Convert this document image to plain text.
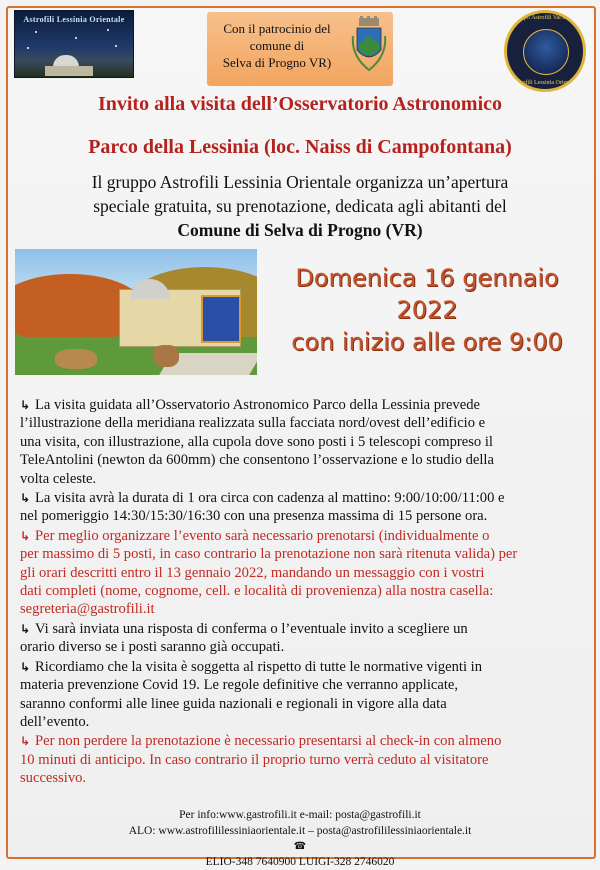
Astrofili Lessinia Orientale
Con il patrocinio del
comune di
Selva di Progno VR)
Gruppo Astrofili Val d'Illasi
Astrofili Lessinia Orientale
Invito alla visita dell’Osservatorio Astronomico
Parco della Lessinia (loc. Naiss di Campofontana)
Il gruppo Astrofili Lessinia Orientale organizza un’apertura
speciale gratuita, su prenotazione, dedicata agli abitanti del
Comune di Selva di Progno (VR)
Domenica 16 gennaio 2022
con inizio alle ore 9:00
↳ La visita guidata all’Osservatorio Astronomico Parco della Lessinia prevede
l’illustrazione della meridiana realizzata sulla facciata nord/ovest dell’edificio e
una visita, con illustrazione, alla cupola dove sono posti i 5 telescopi compreso il
TeleAntolini (newton da 600mm) che consentono l’osservazione e lo studio della
volta celeste.
↳ La visita avrà la durata di 1 ora circa con cadenza al mattino: 9:00/10:00/11:00 e
nel pomeriggio 14:30/15:30/16:30 con una presenza massima di 15 persone ora.
↳ Per meglio organizzare l’evento sarà necessario prenotarsi (individualmente o
per massimo di 5 posti, in caso contrario la prenotazione non sarà ritenuta valida) per
gli orari descritti entro il 13 gennaio 2022, mandando un messaggio con i vostri
dati completi (nome, cognome, cell. e località di provenienza) alla nostra casella:
segreteria@gastrofili.it
↳ Vi sarà inviata una risposta di conferma o l’eventuale invito a scegliere un
orario diverso se i posti saranno già occupati.
↳ Ricordiamo che la visita è soggetta al rispetto di tutte le normative vigenti in
materia prevenzione Covid 19. Le regole definitive che verranno applicate,
saranno conformi alle linee guida nazionali e regionali in vigore alla data
dell’evento.
↳ Per non perdere la prenotazione è necessario presentarsi al check-in con almeno
10 minuti di anticipo. In caso contrario il proprio turno verrà ceduto al visitatore
successivo.
Per info:www.gastrofili.it e-mail: posta@gastrofili.it
ALO: www.astrofililessiniaorientale.it – posta@astrofililessiniaorientale.it
☎
ELIO-348 7640900 LUIGI-328 2746020
